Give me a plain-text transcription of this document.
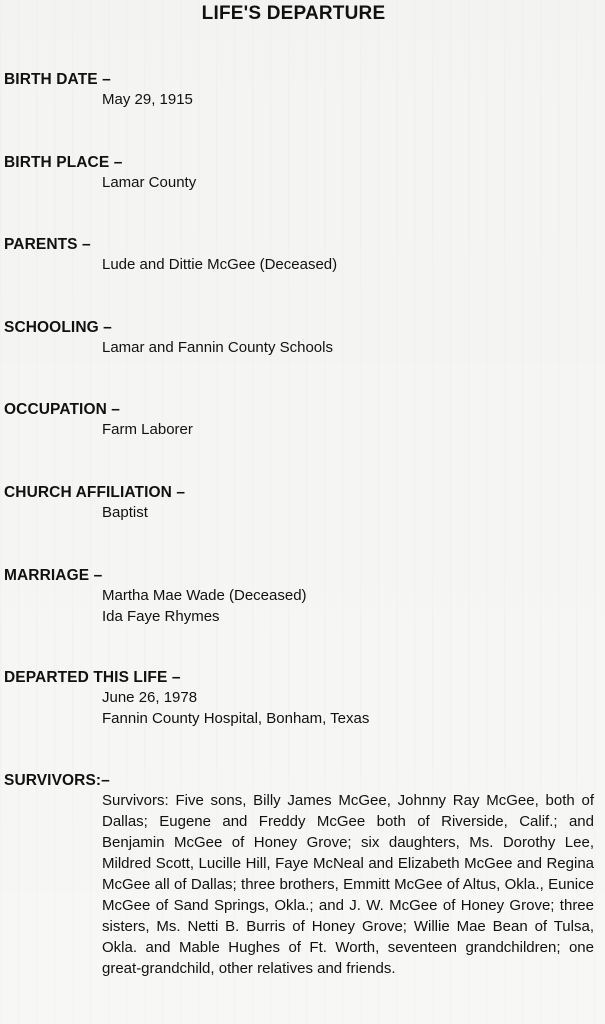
LIFE'S DEPARTURE
BIRTH DATE –
May 29, 1915
BIRTH PLACE –
Lamar County
PARENTS –
Lude and Dittie McGee (Deceased)
SCHOOLING –
Lamar and Fannin County Schools
OCCUPATION –
Farm Laborer
CHURCH AFFILIATION –
Baptist
MARRIAGE –
Martha Mae Wade (Deceased)
Ida Faye Rhymes
DEPARTED THIS LIFE –
June 26, 1978
Fannin County Hospital, Bonham, Texas
SURVIVORS:–
Survivors: Five sons, Billy James McGee, Johnny Ray McGee, both of Dallas; Eugene and Freddy McGee both of Riverside, Calif.; and Benjamin McGee of Honey Grove; six daughters, Ms. Dorothy Lee, Mildred Scott, Lucille Hill, Faye McNeal and Elizabeth McGee and Regina McGee all of Dallas; three brothers, Emmitt McGee of Altus, Okla., Eunice McGee of Sand Springs, Okla.; and J. W. McGee of Honey Grove; three sisters, Ms. Netti B. Burris of Honey Grove; Willie Mae Bean of Tulsa, Okla. and Mable Hughes of Ft. Worth, seventeen grandchildren; one great-grandchild, other relatives and friends.
